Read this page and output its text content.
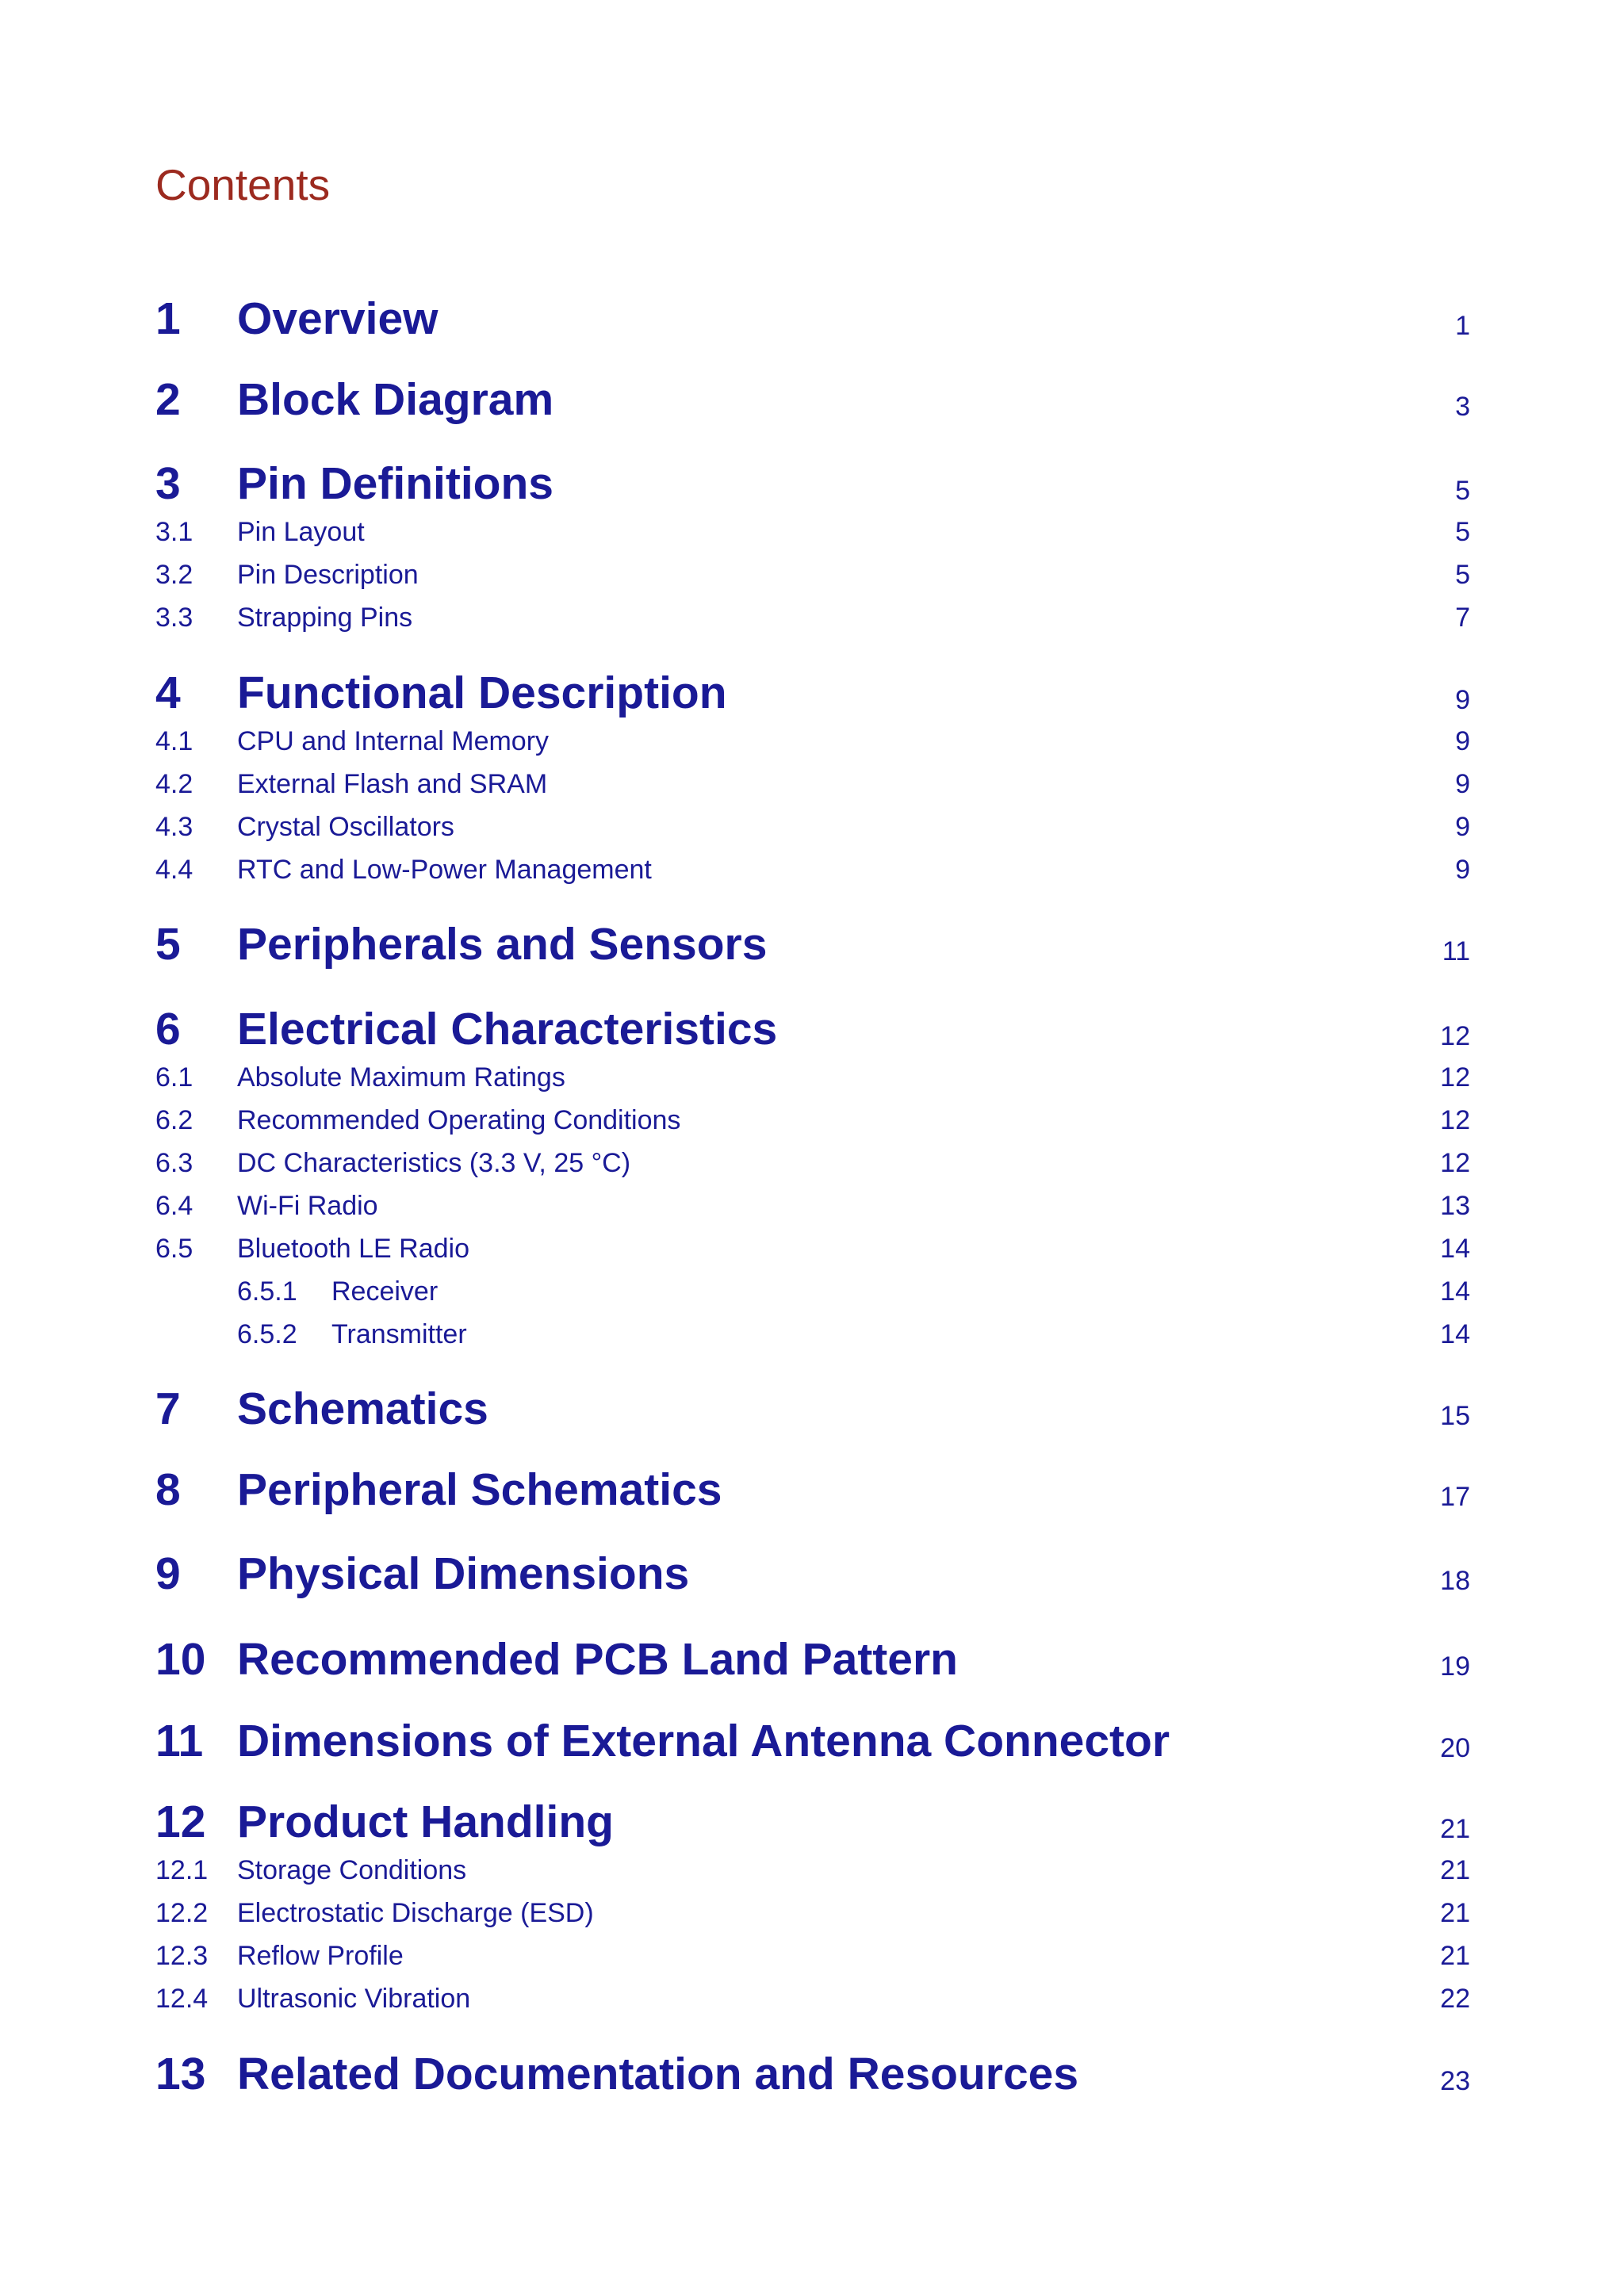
Contents
1 Overview	1
2 Block Diagram	3
3 Pin Definitions	5
3.1 Pin Layout	5
3.2 Pin Description	5
3.3 Strapping Pins	7
4 Functional Description	9
4.1 CPU and Internal Memory	9
4.2 External Flash and SRAM	9
4.3 Crystal Oscillators	9
4.4 RTC and Low-Power Management	9
5 Peripherals and Sensors	11
6 Electrical Characteristics	12
6.1 Absolute Maximum Ratings	12
6.2 Recommended Operating Conditions	12
6.3 DC Characteristics (3.3 V, 25 °C)	12
6.4 Wi-Fi Radio	13
6.5 Bluetooth LE Radio	14
6.5.1 Receiver	14
6.5.2 Transmitter	14
7 Schematics	15
8 Peripheral Schematics	17
9 Physical Dimensions	18
10 Recommended PCB Land Pattern	19
11 Dimensions of External Antenna Connector	20
12 Product Handling	21
12.1 Storage Conditions	21
12.2 Electrostatic Discharge (ESD)	21
12.3 Reflow Profile	21
12.4 Ultrasonic Vibration	22
13 Related Documentation and Resources	23
